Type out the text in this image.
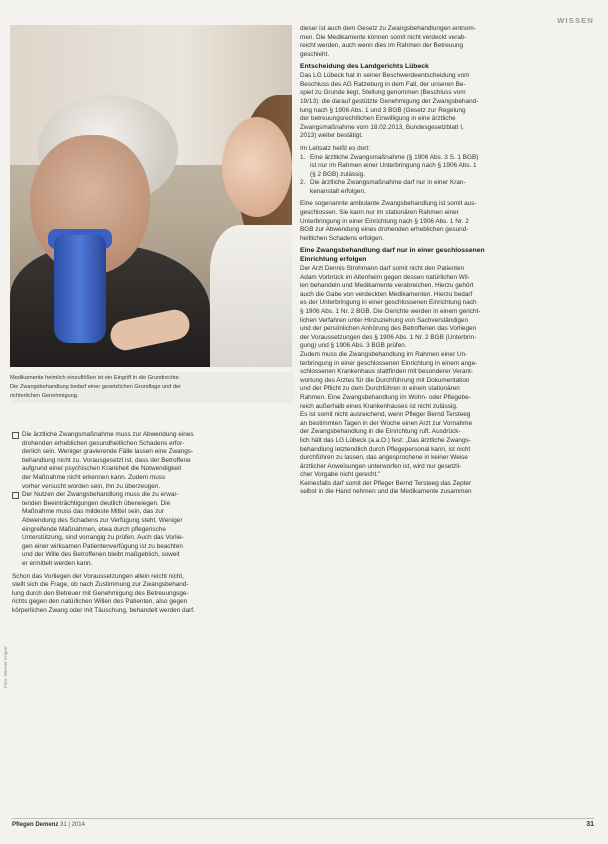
WISSEN
Medikamente heimlich einzuflößen ist ein Eingriff in die Grundrechte.
Die Zwangsbehandlung bedarf einer gesetzlichen Grundlage und der
richterlichen Genehmigung.
Foto: Werner Krüper
Die ärztliche Zwangsmaßnahme muss zur Abwendung eines
drohenden erheblichen gesundheitlichen Schadens erfor-
derlich sein. Weniger gravierende Fälle lassen eine Zwangs-
behandlung nicht zu. Vorausgesetzt ist, dass der Betroffene
aufgrund einer psychischen Krankheit die Notwendigkeit
der Maßnahme nicht erkennen kann. Zudem muss
vorher versucht worden sein, ihn zu überzeugen.
Der Nutzen der Zwangsbehandlung muss die zu erwar-
tenden Beeinträchtigungen deutlich überwiegen. Die
Maßnahme muss das mildeste Mittel sein, das zur
Abwendung des Schadens zur Verfügung steht. Weniger
eingreifende Maßnahmen, etwa durch pflegerische
Unterstützung, sind vorrangig zu prüfen. Auch das Vorlie-
gen einer wirksamen Patientenverfügung ist zu beachten
und der Wille des Betroffenen bleibt maßgeblich, soweit
er ermittelt werden kann.
Schon das Vorliegen der Voraussetzungen allein reicht nicht,
stellt sich die Frage, ob nach Zustimmung zur Zwangsbehand-
lung durch den Betreuer mit Genehmigung des Betreuungsge-
richts gegen den natürlichen Willen des Patienten, also gegen
körperlichen Zwang oder mit Täuschung, behandelt werden darf.
dieser ist auch dem Gesetz zu Zwangsbehandlungen entnom-
men. Die Medikamente können somit nicht verdeckt verab-
reicht werden, auch wenn dies im Rahmen der Betreuung
geschieht.
Entscheidung des Landgerichts Lübeck
Das LG Lübeck hat in seiner Beschwerdeentscheidung vom
Beschluss des AG Ratzeburg in dem Fall, der unseren Be-
spiel zu Grunde liegt, Stellung genommen (Beschluss vom
19/13): die darauf gestützte Genehmigung der Zwangsbehand-
lung nach § 1906 Abs. 1 und 3 BGB (Gesetz zur Regelung
der betreuungsrechtlichen Einwilligung in eine ärztliche
Zwangsmaßnahme vom 18.02.2013, Bundesgesetzblatt I,
2013) weiter bestätigt.
Im Leitsatz heißt es dort:
1. Eine ärztliche Zwangsmaßnahme (§ 1906 Abs. 3 S. 1 BGB)
ist nur im Rahmen einer Unterbringung nach § 1906 Abs. 1
(§ 2 BGB) zulässig.
2. Die ärztliche Zwangsmaßnahme darf nur in einer Kran-
kenanstalt erfolgen.
Eine sogenannte ambulante Zwangsbehandlung ist somit aus-
geschlossen. Sie kann nur im stationären Rahmen einer
Unterbringung in einer Einrichtung nach § 1906 Abs. 1 Nr. 2
BGB zur Abwendung eines drohenden erheblichen gesund-
heitlichen Schadens erfolgen.
Eine Zwangsbehandlung darf nur in einer geschlossenen
Einrichtung erfolgen
Der Arzt Dennis Strohmann darf somit nicht den Patienten
Adam Vorbrück im Altenheim gegen dessen natürlichen Wil-
len behandeln und Medikamente verabreichen. Hierzu gehört
auch die Gabe von verdeckten Medikamenten. Hierzu bedarf
es der Unterbringung in einer geschlossenen Einrichtung nach
§ 1906 Abs. 1 Nr. 2 BGB. Die Gerichte werden in einem gericht-
lichen Verfahren unter Hinzuziehung von Sachverständigen
und der persönlichen Anhörung des Betroffenen das Vorliegen
der Voraussetzungen des § 1906 Abs. 1 Nr. 2 BGB (Unterbrin-
gung) und § 1906 Abs. 3 BGB prüfen.
Zudem muss die Zwangsbehandlung im Rahmen einer Un-
terbringung in einer geschlossenen Einrichtung in einem ange-
schlossenen Krankenhaus stattfinden mit besonderer Verant-
wortung des Arztes für die Durchführung mit Dokumentation
und der Pflicht zu dem Durchführen in einem stationären
Rahmen. Eine Zwangsbehandlung im Wohn- oder Pflegebe-
reich außerhalb eines Krankenhauses ist nicht zulässig.
Es ist somit nicht ausreichend, wenn Pfleger Bernd Tersteeg
an bestimmten Tagen in der Woche einen Arzt zur Vornahme
der Zwangsbehandlung in die Einrichtung ruft. Ausdrück-
lich hält das LG Lübeck (a.a.O.) fest: „Das ärztliche Zwangs-
behandlung letztendlich durch Pflegepersonal kann, ist nicht
durchführen zu lassen, das angesprochene in keiner Weise
ärztlicher Anweisungen unterworfen ist, wird nur gesetzli-
cher Vorgabe nicht gerecht."
Keinesfalls darf somit der Pfleger Bernd Tersteeg das Zepter
selbst in die Hand nehmen und die Medikamente zusammen
Pflegen Demenz 31 | 2014	31
